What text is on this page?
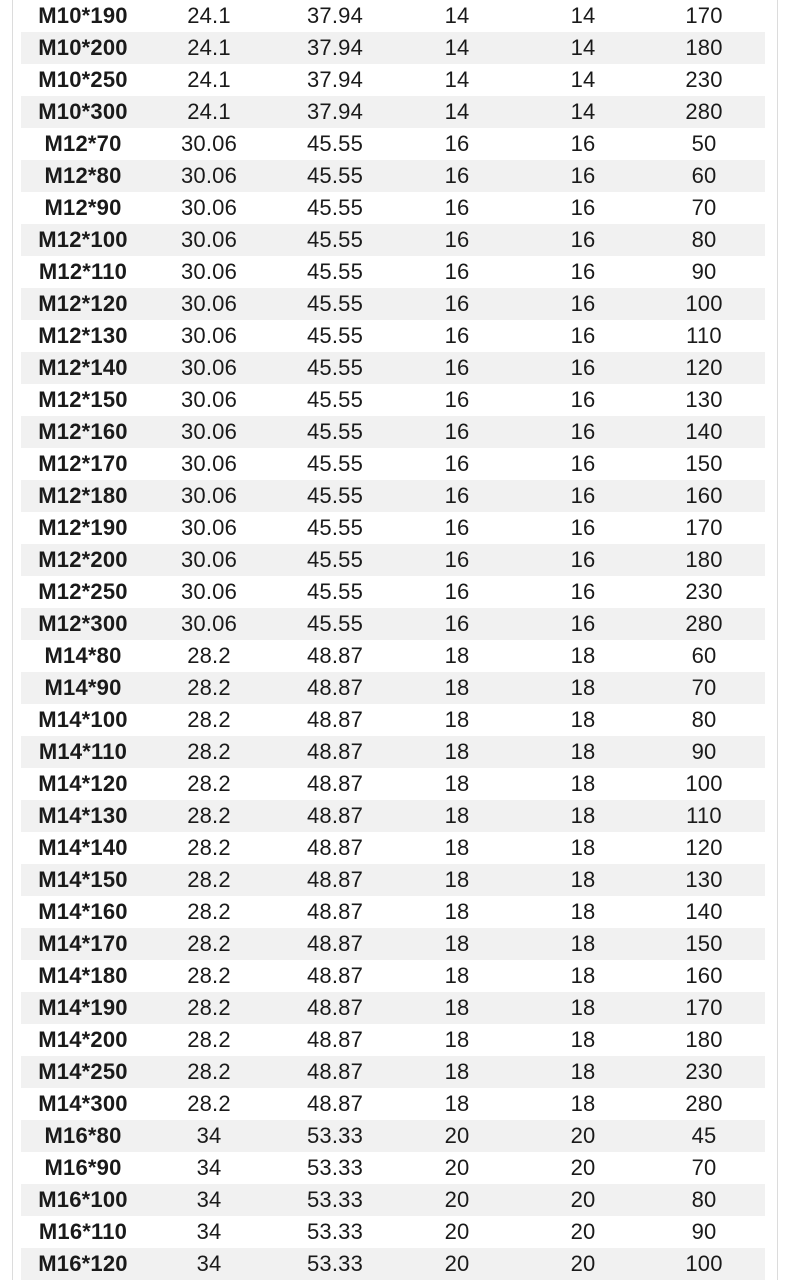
M10*190	24.1	37.94	14	14	170
M10*200	24.1	37.94	14	14	180
M10*250	24.1	37.94	14	14	230
M10*300	24.1	37.94	14	14	280
M12*70	30.06	45.55	16	16	50
M12*80	30.06	45.55	16	16	60
M12*90	30.06	45.55	16	16	70
M12*100	30.06	45.55	16	16	80
M12*110	30.06	45.55	16	16	90
M12*120	30.06	45.55	16	16	100
M12*130	30.06	45.55	16	16	110
M12*140	30.06	45.55	16	16	120
M12*150	30.06	45.55	16	16	130
M12*160	30.06	45.55	16	16	140
M12*170	30.06	45.55	16	16	150
M12*180	30.06	45.55	16	16	160
M12*190	30.06	45.55	16	16	170
M12*200	30.06	45.55	16	16	180
M12*250	30.06	45.55	16	16	230
M12*300	30.06	45.55	16	16	280
M14*80	28.2	48.87	18	18	60
M14*90	28.2	48.87	18	18	70
M14*100	28.2	48.87	18	18	80
M14*110	28.2	48.87	18	18	90
M14*120	28.2	48.87	18	18	100
M14*130	28.2	48.87	18	18	110
M14*140	28.2	48.87	18	18	120
M14*150	28.2	48.87	18	18	130
M14*160	28.2	48.87	18	18	140
M14*170	28.2	48.87	18	18	150
M14*180	28.2	48.87	18	18	160
M14*190	28.2	48.87	18	18	170
M14*200	28.2	48.87	18	18	180
M14*250	28.2	48.87	18	18	230
M14*300	28.2	48.87	18	18	280
M16*80	34	53.33	20	20	45
M16*90	34	53.33	20	20	70
M16*100	34	53.33	20	20	80
M16*110	34	53.33	20	20	90
M16*120	34	53.33	20	20	100
